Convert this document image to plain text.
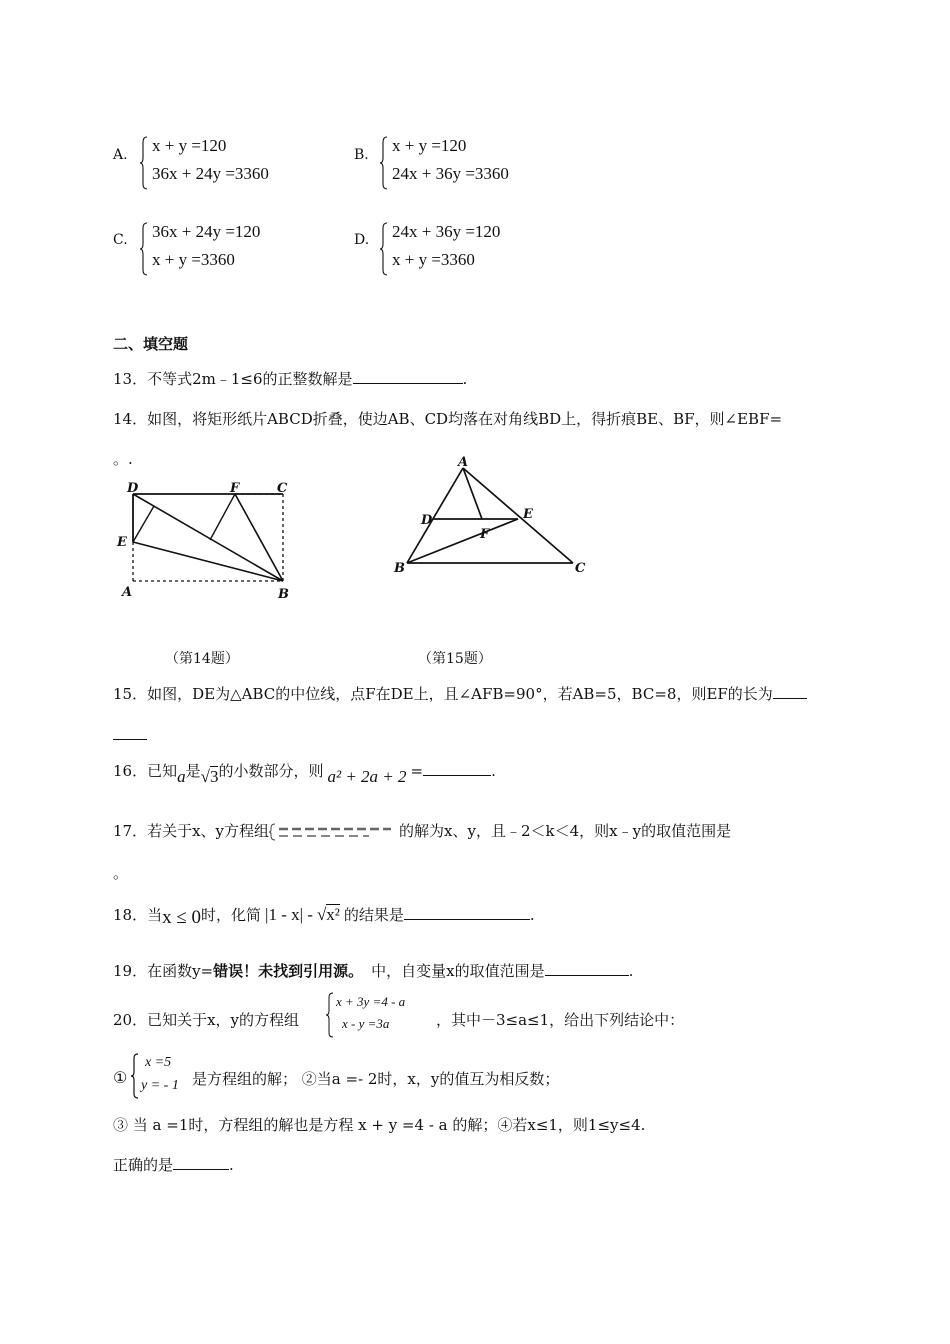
A. x + y =120
36x + 24y =3360
B. x + y =120
24x + 36y =3360
C. 36x + 24y =120
x + y =3360
D. 24x + 36y =120
x + y =3360
二、填空题
13．不等式2m﹣1≤6的正整数解是	.
14．如图，将矩形纸片ABCD折叠，使边AB、CD均落在对角线BD上，得折痕BE、BF，则∠EBF=
。.
D	F	C
E
A	B
A
D	E
F
B	C
（第14题）	（第15题）
15．如图，DE为△ABC的中位线，点F在DE上，且∠AFB=90°，若AB=5，BC=8，则EF的长为
16．已知a是√3的小数部分，则 a² + 2a + 2 =	.
17．若关于x、y方程组	的解为x、y，且﹣2＜k＜4，则x﹣y的取值范围是
。
18．当x ≤ 0时，化简 |1 - x| - √x² 的结果是	.
19．在函数y=错误！未找到引用源。 中，自变量x的取值范围是	.
20．已知关于x，y的方程组
x + 3y =4 - a
x - y =3a	，其中－3≤a≤1，给出下列结论中：
①
x =5
y = - 1 是方程组的解； ②当a =- 2时，x，y的值互为相反数；
③ 当 a =1时，方程组的解也是方程 x + y =4 - a 的解；④若x≤1，则1≤y≤4.
正确的是	.
